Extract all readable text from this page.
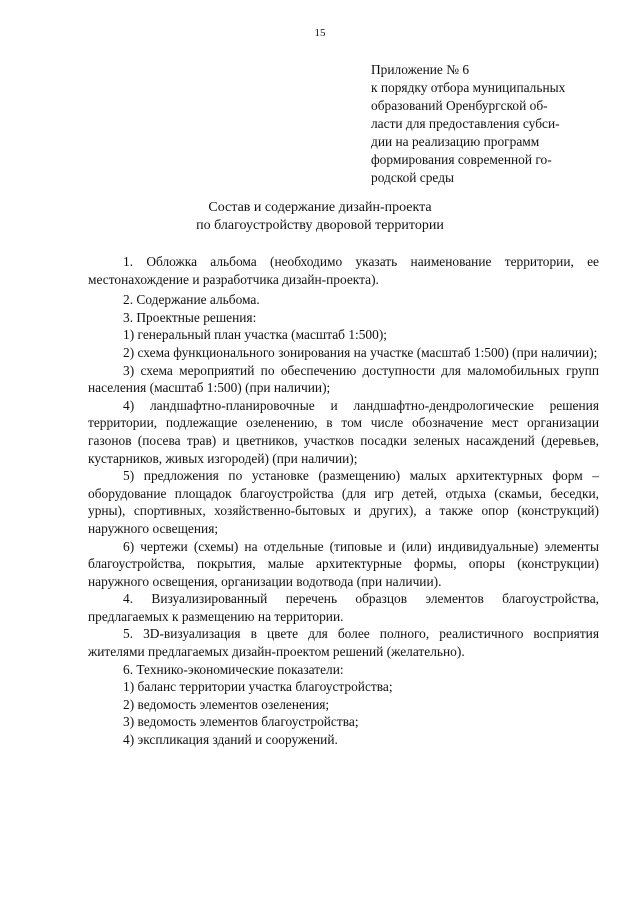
15
Приложение № 6
к порядку отбора муниципальных
образований Оренбургской об-
ласти для предоставления субси-
дии на реализацию программ
формирования современной го-
родской среды
Состав и содержание дизайн-проекта
по благоустройству дворовой территории

1. Обложка альбома (необходимо указать наименование территории, ее местонахождение и разработчика дизайн-проекта).

2. Содержание альбома.

3. Проектные решения:

1) генеральный план участка (масштаб 1:500);

2) схема функционального зонирования на участке (масштаб 1:500) (при наличии);

3) схема мероприятий по обеспечению доступности для маломобильных групп населения (масштаб 1:500) (при наличии);

4) ландшафтно-планировочные и ландшафтно-дендрологические решения территории, подлежащие озеленению, в том числе обозначение мест организации газонов (посева трав) и цветников, участков посадки зеленых насаждений (деревьев, кустарников, живых изгородей) (при наличии);

5) предложения по установке (размещению) малых архитектурных форм – оборудование площадок благоустройства (для игр детей, отдыха (скамьи, беседки, урны), спортивных, хозяйственно-бытовых и других), а также опор (конструкций) наружного освещения;

6) чертежи (схемы) на отдельные (типовые и (или) индивидуальные) элементы благоустройства, покрытия, малые архитектурные формы, опоры (конструкции) наружного освещения, организации водотвода (при наличии).

4. Визуализированный перечень образцов элементов благоустройства, предлагаемых к размещению на территории.

5. 3D-визуализация в цвете для более полного, реалистичного восприятия жителями предлагаемых дизайн-проектом решений (желательно).

6. Технико-экономические показатели:

1) баланс территории участка благоустройства;

2) ведомость элементов озеленения;

3) ведомость элементов благоустройства;

4) экспликация зданий и сооружений.
